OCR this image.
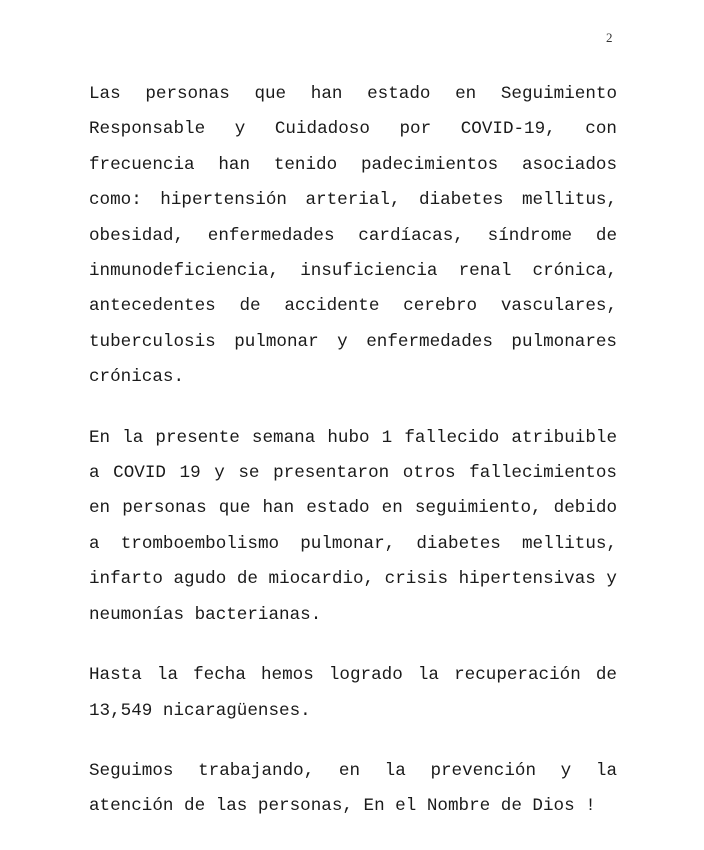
2

Las personas que han estado en Seguimiento Responsable y Cuidadoso por COVID-19, con frecuencia han tenido padecimientos asociados como: hipertensión arterial, diabetes mellitus, obesidad, enfermedades cardíacas, síndrome de inmunodeficiencia, insuficiencia renal crónica, antecedentes de accidente cerebro vasculares, tuberculosis pulmonar y enfermedades pulmonares crónicas.

En la presente semana hubo 1 fallecido atribuible a COVID 19 y se presentaron otros fallecimientos en personas que han estado en seguimiento, debido a tromboembolismo pulmonar, diabetes mellitus, infarto agudo de miocardio, crisis hipertensivas y neumonías bacterianas.

Hasta la fecha hemos logrado la recuperación de 13,549 nicaragüenses.

Seguimos trabajando, en la prevención y la atención de las personas, En el Nombre de Dios !
